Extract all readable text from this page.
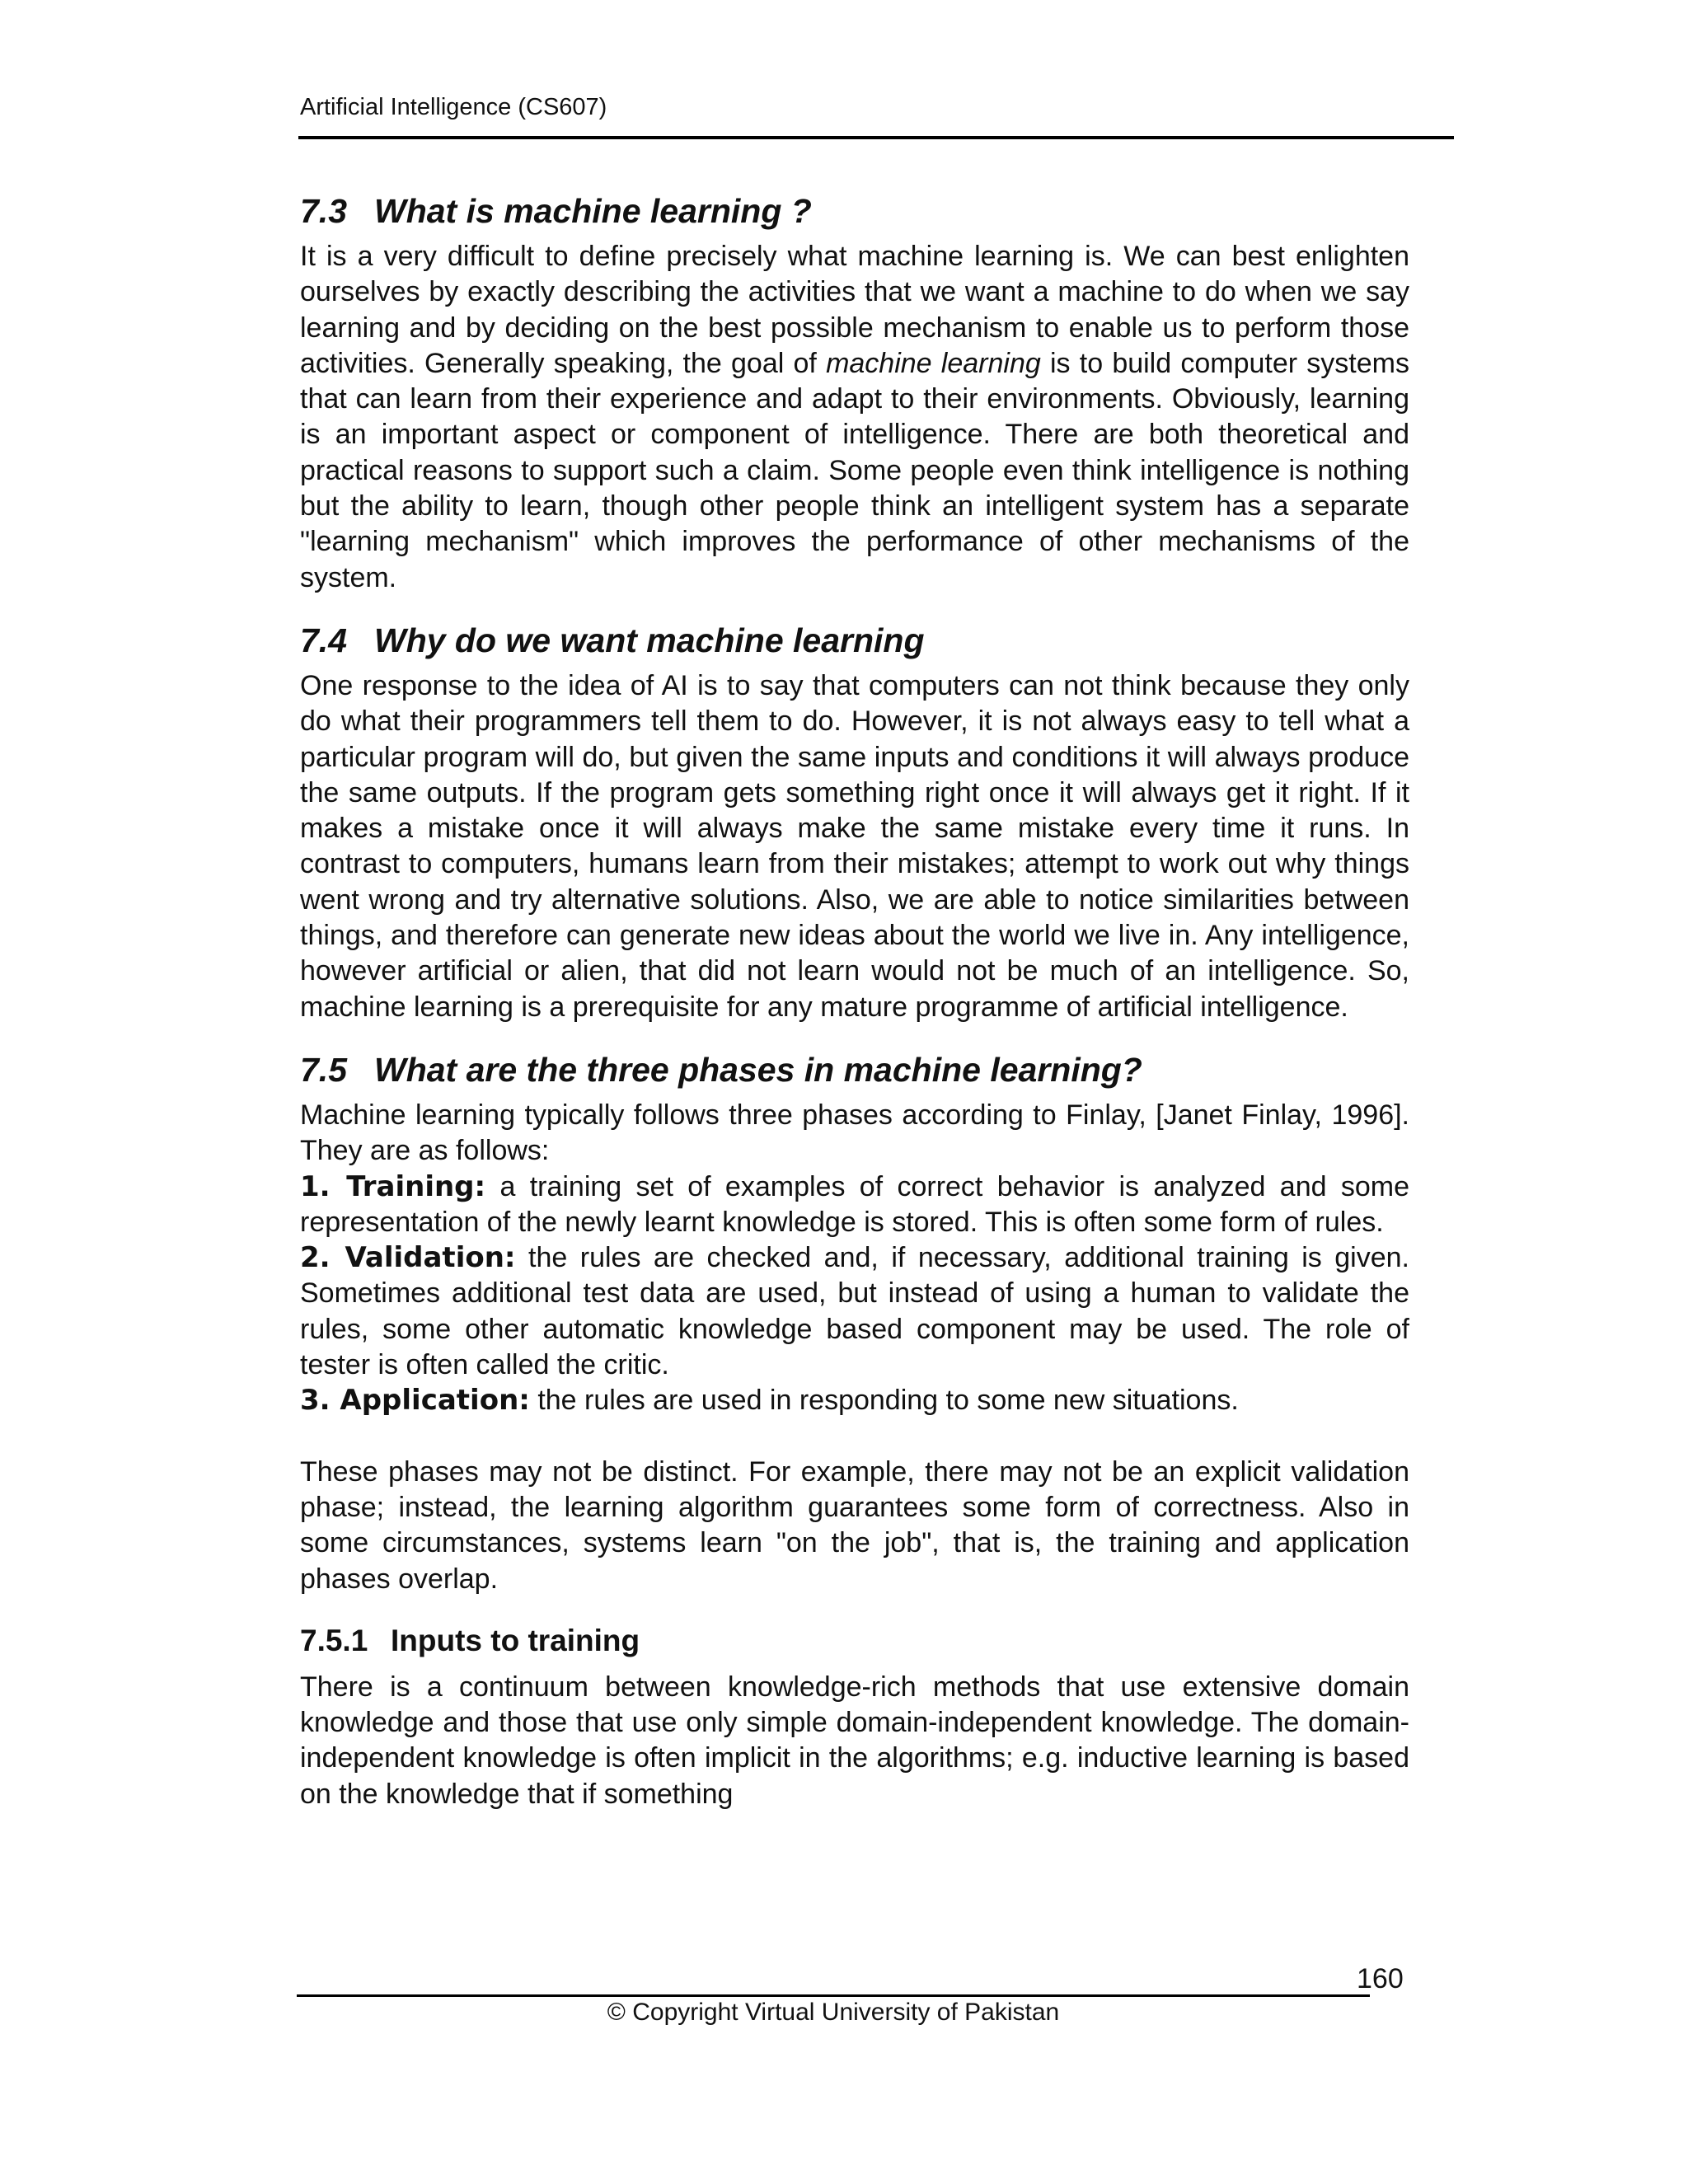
Artificial Intelligence (CS607)
7.3 What is machine learning ?

It is a very difficult to define precisely what machine learning is. We can best enlighten ourselves by exactly describing the activities that we want a machine to do when we say learning and by deciding on the best possible mechanism to enable us to perform those activities. Generally speaking, the goal of machine learning is to build computer systems that can learn from their experience and adapt to their environments. Obviously, learning is an important aspect or component of intelligence. There are both theoretical and practical reasons to support such a claim. Some people even think intelligence is nothing but the ability to learn, though other people think an intelligent system has a separate "learning mechanism" which improves the performance of other mechanisms of the system.

7.4 Why do we want machine learning

One response to the idea of AI is to say that computers can not think because they only do what their programmers tell them to do. However, it is not always easy to tell what a particular program will do, but given the same inputs and conditions it will always produce the same outputs. If the program gets something right once it will always get it right. If it makes a mistake once it will always make the same mistake every time it runs. In contrast to computers, humans learn from their mistakes; attempt to work out why things went wrong and try alternative solutions. Also, we are able to notice similarities between things, and therefore can generate new ideas about the world we live in. Any intelligence, however artificial or alien, that did not learn would not be much of an intelligence. So, machine learning is a prerequisite for any mature programme of artificial intelligence.

7.5 What are the three phases in machine learning?

Machine learning typically follows three phases according to Finlay, [Janet Finlay, 1996]. They are as follows:

1. Training: a training set of examples of correct behavior is analyzed and some representation of the newly learnt knowledge is stored. This is often some form of rules.

2. Validation: the rules are checked and, if necessary, additional training is given. Sometimes additional test data are used, but instead of using a human to validate the rules, some other automatic knowledge based component may be used. The role of tester is often called the critic.

3. Application: the rules are used in responding to some new situations.

These phases may not be distinct. For example, there may not be an explicit validation phase; instead, the learning algorithm guarantees some form of correctness. Also in some circumstances, systems learn "on the job", that is, the training and application phases overlap.

7.5.1 Inputs to training

There is a continuum between knowledge-rich methods that use extensive domain knowledge and those that use only simple domain-independent knowledge. The domain-independent knowledge is often implicit in the algorithms; e.g. inductive learning is based on the knowledge that if something

160
© Copyright Virtual University of Pakistan
